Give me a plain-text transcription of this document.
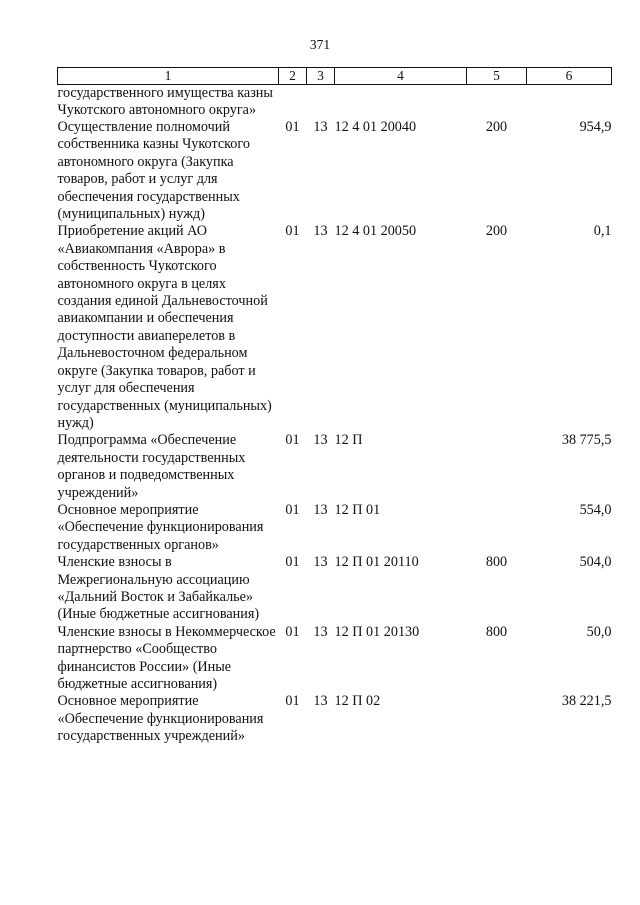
371
1	2	3	4	5	6
государственного имущества казны Чукотского автономного округа»					
Осуществление полномочий собственника казны Чукотского автономного округа (Закупка товаров, работ и услуг для обеспечения государственных (муниципальных) нужд)	01	13	12 4 01 20040	200	954,9
Приобретение акций АО «Авиакомпания «Аврора» в собственность Чукотского автономного округа в целях создания единой Дальневосточной авиакомпании и обеспечения доступности авиаперелетов в Дальневосточном федеральном округе (Закупка товаров, работ и услуг для обеспечения государственных (муниципальных) нужд)	01	13	12 4 01 20050	200	0,1
Подпрограмма «Обеспечение деятельности государственных органов и подведомственных учреждений»	01	13	12 П		38 775,5
Основное мероприятие «Обеспечение функционирования государственных органов»	01	13	12 П 01		554,0
Членские взносы в Межрегиональную ассоциацию «Дальний Восток и Забайкалье» (Иные бюджетные ассигнования)	01	13	12 П 01 20110	800	504,0
Членские взносы в Некоммерческое партнерство «Сообщество финансистов России» (Иные бюджетные ассигнования)	01	13	12 П 01 20130	800	50,0
Основное мероприятие «Обеспечение функционирования государственных учреждений»	01	13	12 П 02		38 221,5
